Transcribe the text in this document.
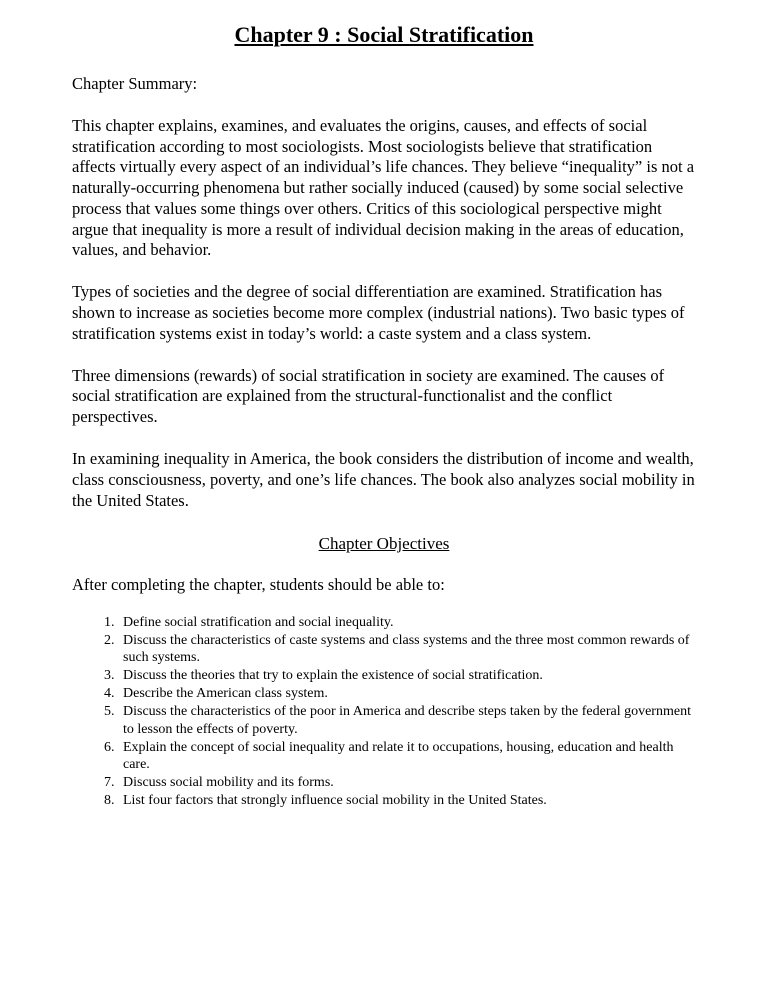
Chapter 9 : Social Stratification

Chapter Summary:

This chapter explains, examines, and evaluates the origins, causes, and effects of social stratification according to most sociologists. Most sociologists believe that stratification affects virtually every aspect of an individual’s life chances. They believe “inequality” is not a naturally-occurring phenomena but rather socially induced (caused) by some social selective process that values some things over others. Critics of this sociological perspective might argue that inequality is more a result of individual decision making in the areas of education, values, and behavior.

Types of societies and the degree of social differentiation are examined. Stratification has shown to increase as societies become more complex (industrial nations). Two basic types of stratification systems exist in today’s world: a caste system and a class system.

Three dimensions (rewards) of social stratification in society are examined. The causes of social stratification are explained from the structural-functionalist and the conflict perspectives.

In examining inequality in America, the book considers the distribution of income and wealth, class consciousness, poverty, and one’s life chances. The book also analyzes social mobility in the United States.

Chapter Objectives

After completing the chapter, students should be able to:

1. Define social stratification and social inequality.
2. Discuss the characteristics of caste systems and class systems and the three most common rewards of such systems.
3. Discuss the theories that try to explain the existence of social stratification.
4. Describe the American class system.
5. Discuss the characteristics of the poor in America and describe steps taken by the federal government to lesson the effects of poverty.
6. Explain the concept of social inequality and relate it to occupations, housing, education and health care.
7. Discuss social mobility and its forms.
8. List four factors that strongly influence social mobility in the United States.
